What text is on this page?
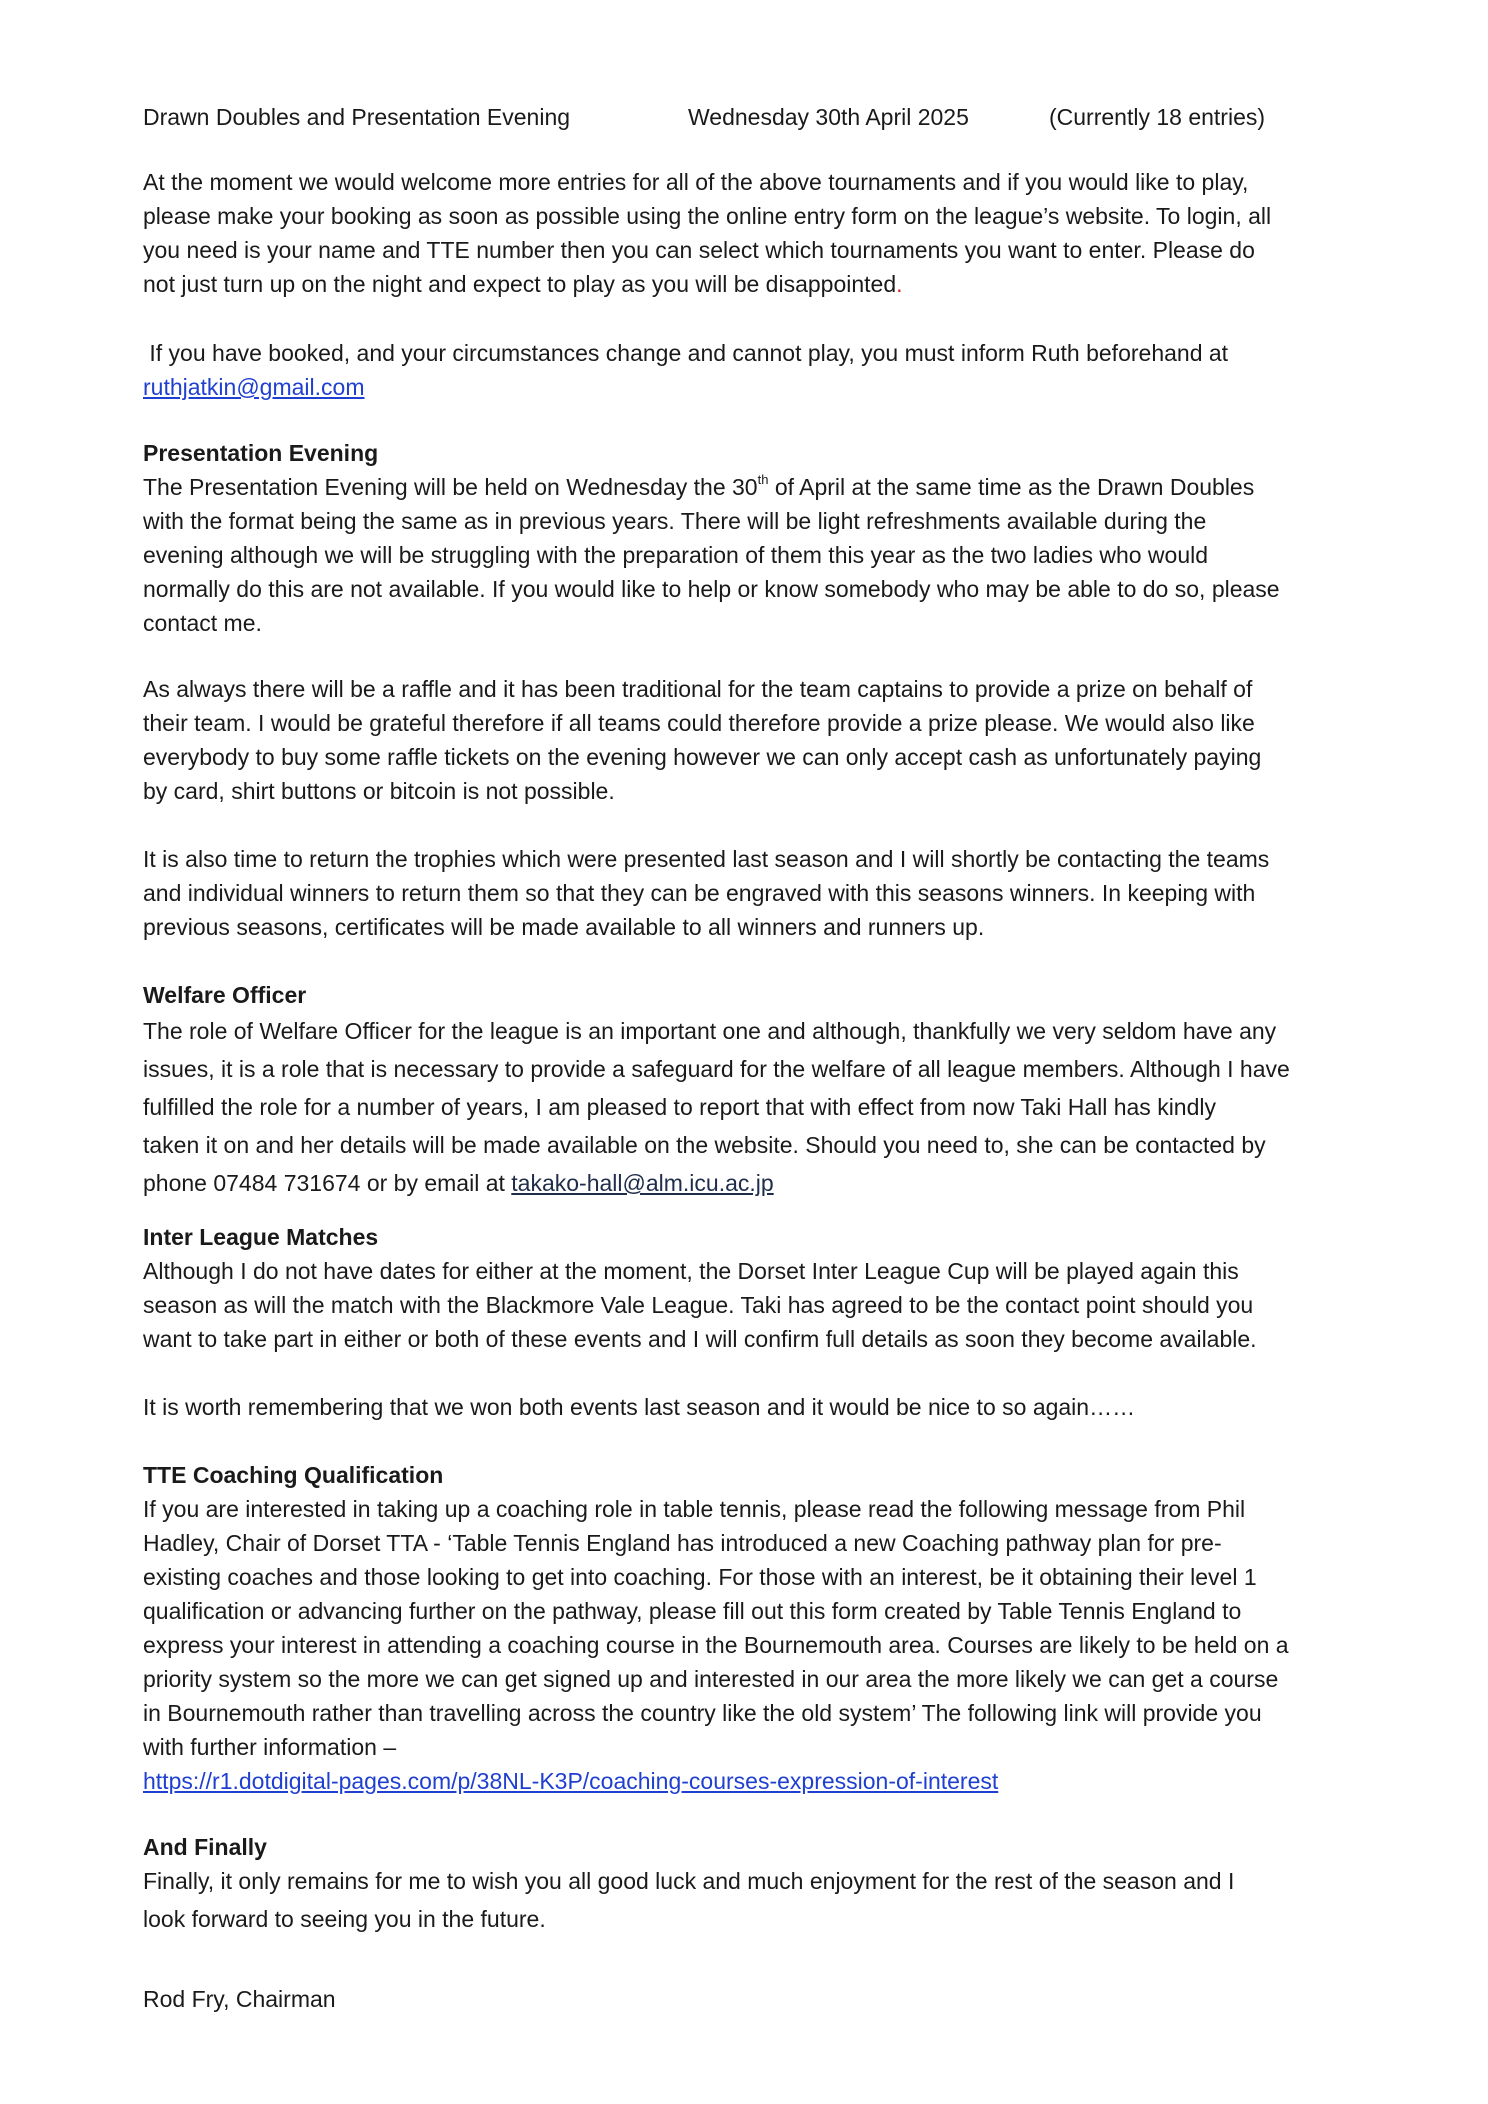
Drawn Doubles and Presentation Evening	Wednesday 30th April 2025	(Currently 18 entries)
At the moment we would welcome more entries for all of the above tournaments and if you would like to play,
please make your booking as soon as possible using the online entry form on the league’s website. To login, all
you need is your name and TTE number then you can select which tournaments you want to enter. Please do
not just turn up on the night and expect to play as you will be disappointed.
If you have booked, and your circumstances change and cannot play, you must inform Ruth beforehand at
ruthjatkin@gmail.com
Presentation Evening
The Presentation Evening will be held on Wednesday the 30th of April at the same time as the Drawn Doubles
with the format being the same as in previous years. There will be light refreshments available during the
evening although we will be struggling with the preparation of them this year as the two ladies who would
normally do this are not available. If you would like to help or know somebody who may be able to do so, please
contact me.
As always there will be a raffle and it has been traditional for the team captains to provide a prize on behalf of
their team. I would be grateful therefore if all teams could therefore provide a prize please. We would also like
everybody to buy some raffle tickets on the evening however we can only accept cash as unfortunately paying
by card, shirt buttons or bitcoin is not possible.
It is also time to return the trophies which were presented last season and I will shortly be contacting the teams
and individual winners to return them so that they can be engraved with this seasons winners. In keeping with
previous seasons, certificates will be made available to all winners and runners up.
Welfare Officer
The role of Welfare Officer for the league is an important one and although, thankfully we very seldom have any
issues, it is a role that is necessary to provide a safeguard for the welfare of all league members. Although I have
fulfilled the role for a number of years, I am pleased to report that with effect from now Taki Hall has kindly
taken it on and her details will be made available on the website. Should you need to, she can be contacted by
phone 07484 731674 or by email at takako-hall@alm.icu.ac.jp
Inter League Matches
Although I do not have dates for either at the moment, the Dorset Inter League Cup will be played again this
season as will the match with the Blackmore Vale League. Taki has agreed to be the contact point should you
want to take part in either or both of these events and I will confirm full details as soon they become available.
It is worth remembering that we won both events last season and it would be nice to so again……
TTE Coaching Qualification
If you are interested in taking up a coaching role in table tennis, please read the following message from Phil
Hadley, Chair of Dorset TTA - ‘Table Tennis England has introduced a new Coaching pathway plan for pre-
existing coaches and those looking to get into coaching. For those with an interest, be it obtaining their level 1
qualification or advancing further on the pathway, please fill out this form created by Table Tennis England to
express your interest in attending a coaching course in the Bournemouth area. Courses are likely to be held on a
priority system so the more we can get signed up and interested in our area the more likely we can get a course
in Bournemouth rather than travelling across the country like the old system’ The following link will provide you
with further information –
https://r1.dotdigital-pages.com/p/38NL-K3P/coaching-courses-expression-of-interest
And Finally
Finally, it only remains for me to wish you all good luck and much enjoyment for the rest of the season and I
look forward to seeing you in the future.
Rod Fry, Chairman
